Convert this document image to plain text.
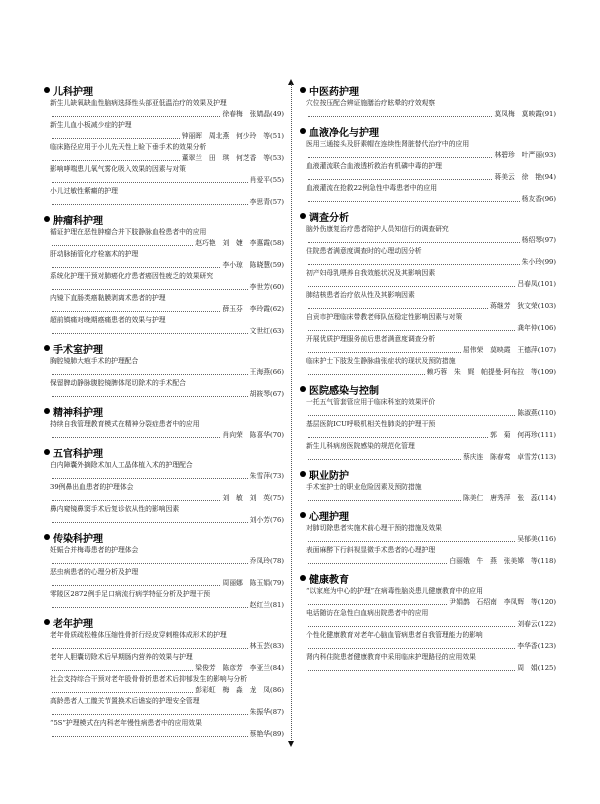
儿科护理
新生儿缺氧缺血性脑病选择性头部亚低温治疗的效果及护理
徐春梅　张婧晶 (49)
新生儿血小板减少症的护理
钟丽晖　周北燕　何少玲　等 (51)
临床路径应用于小儿先天性上睑下垂手术的效果分析
董翠兰　田　琪　何芝香　等 (53)
影响哮喘患儿氧气雾化吸入效果的因素与对策
肖爱平 (55)
小儿过敏性紫癜的护理
李思青 (57)
肿瘤科护理
循证护理在恶性肿瘤合并下肢静脉血栓患者中的应用
赵巧艳　刘　婕　李惠霞 (58)
肝动脉插管化疗栓塞术的护理
李小琼　陈晓慧 (59)
系统化护理干预对肺癌化疗患者癌因性疲乏的效果研究
李世芳 (60)
内镜下直肠类癌黏膜剥离术患者的护理
薛玉芬　李玲霞 (62)
超前镇痛对晚期癌痛患者的效果与护理
文世红 (63)
手术室护理
胸腔镜肺大疱手术的护理配合
王海燕 (66)
保留脾动静脉腹腔镜脾体尾切除术的手术配合
胡筱琴 (67)
精神科护理
持续自我管理教育模式在精神分裂症患者中的应用
肖向荣　陈喜华 (70)
五官科护理
白内障囊外摘除术加人工晶体植入术的护理配合
朱雪萍 (73)
39例鼻出血患者的护理体会
刘　敏　刘　英 (75)
鼻内窥镜鼻窦手术后复诊依从性的影响因素
刘小芳 (76)
传染科护理
妊娠合并梅毒患者的护理体会
乔凤玲 (78)
恶虫病患者的心理分析及护理
周丽娜　陈玉娟 (79)
零陵区2872例手足口病流行病学特征分析及护理干预
赵红兰 (81)
老年护理
老年骨质疏松椎体压缩性骨折行经皮穿刺椎体成形术的护理
林玉芸 (83)
老年人胆囊切除术后早期肠内营养的效果与护理
梁俊芳　陈彦芳　李亚兰 (84)
社会支持综合干预对老年股骨骨折患者术后抑郁发生的影响与分析
彭彩虹　梅　淼　龙　凤 (86)
高龄患者人工髋关节置换术后谵妄的护理安全管理
朱振华 (87)
“5S”护理模式在内科老年慢性病患者中的应用效果
蔡艳华 (89)
中医药护理
穴位按压配合辨证施膳治疗眩晕的疗效观察
莫凤梅　莫映霞 (91)
血液净化与护理
医用三通接头及肝素帽在连续性肾脏替代治疗中的应用
林碧珍　叶严丽 (93)
血液灌流联合血液透析救治有机磷中毒的护理
蒋美云　徐　艳 (94)
血液灌流在抢救22例急性中毒患者中的应用
杨友香 (96)
调查分析
脑外伤康复治疗患者陪护人员知信行的调查研究
杨绍琴 (97)
住院患者满意度调查时的心理动因分析
朱小玲 (99)
初产妇母乳喂养自我效能状况及其影响因素
吕春凤 (101)
肺结核患者治疗依从性及其影响因素
蒋继芳　狄文荣 (103)
自贡市护理临床带教老师队伍稳定性影响因素与对策
龚年仲 (106)
开展优质护理服务前后患者满意度调查分析
屈伟荣　莫映霞　王德萍 (107)
临床护士下肢发生静脉曲张症状的现状及预防措施
赖巧蓉　朱　娓　帕提曼·阿布拉　等 (109)
医院感染与控制
一托五气管套管应用于临床科室的效果评价
陈淑燕 (110)
基层医院ICU呼吸机相关性肺炎的护理干预
郭　菊　何再珍 (111)
新生儿科病房医院感染的规范化管理
蔡庆连　陈春莺　卓雪芳 (113)
职业防护
手术室护士的职业危险因素及预防措施
陈美仁　唐秀萍　张　蕊 (114)
心理护理
对肺切除患者实施术前心理干预的措施及效果
吴郁美 (116)
表面麻醉下行斜视显微手术患者的心理护理
白丽娥　牛　燕　张美嫦　等 (118)
健康教育
“以家庭为中心的护理”在病毒性脑炎患儿健康教育中的应用
尹娟鹊　石绍南　李凤辉　等 (120)
电话随访在急性白血病出院患者中的应用
刘春云 (122)
个性化健康教育对老年心脑血管病患者自我管理能力的影响
李华香 (123)
肾内科住院患者健康教育中采用临床护理路径的应用效果
周　娟 (125)
